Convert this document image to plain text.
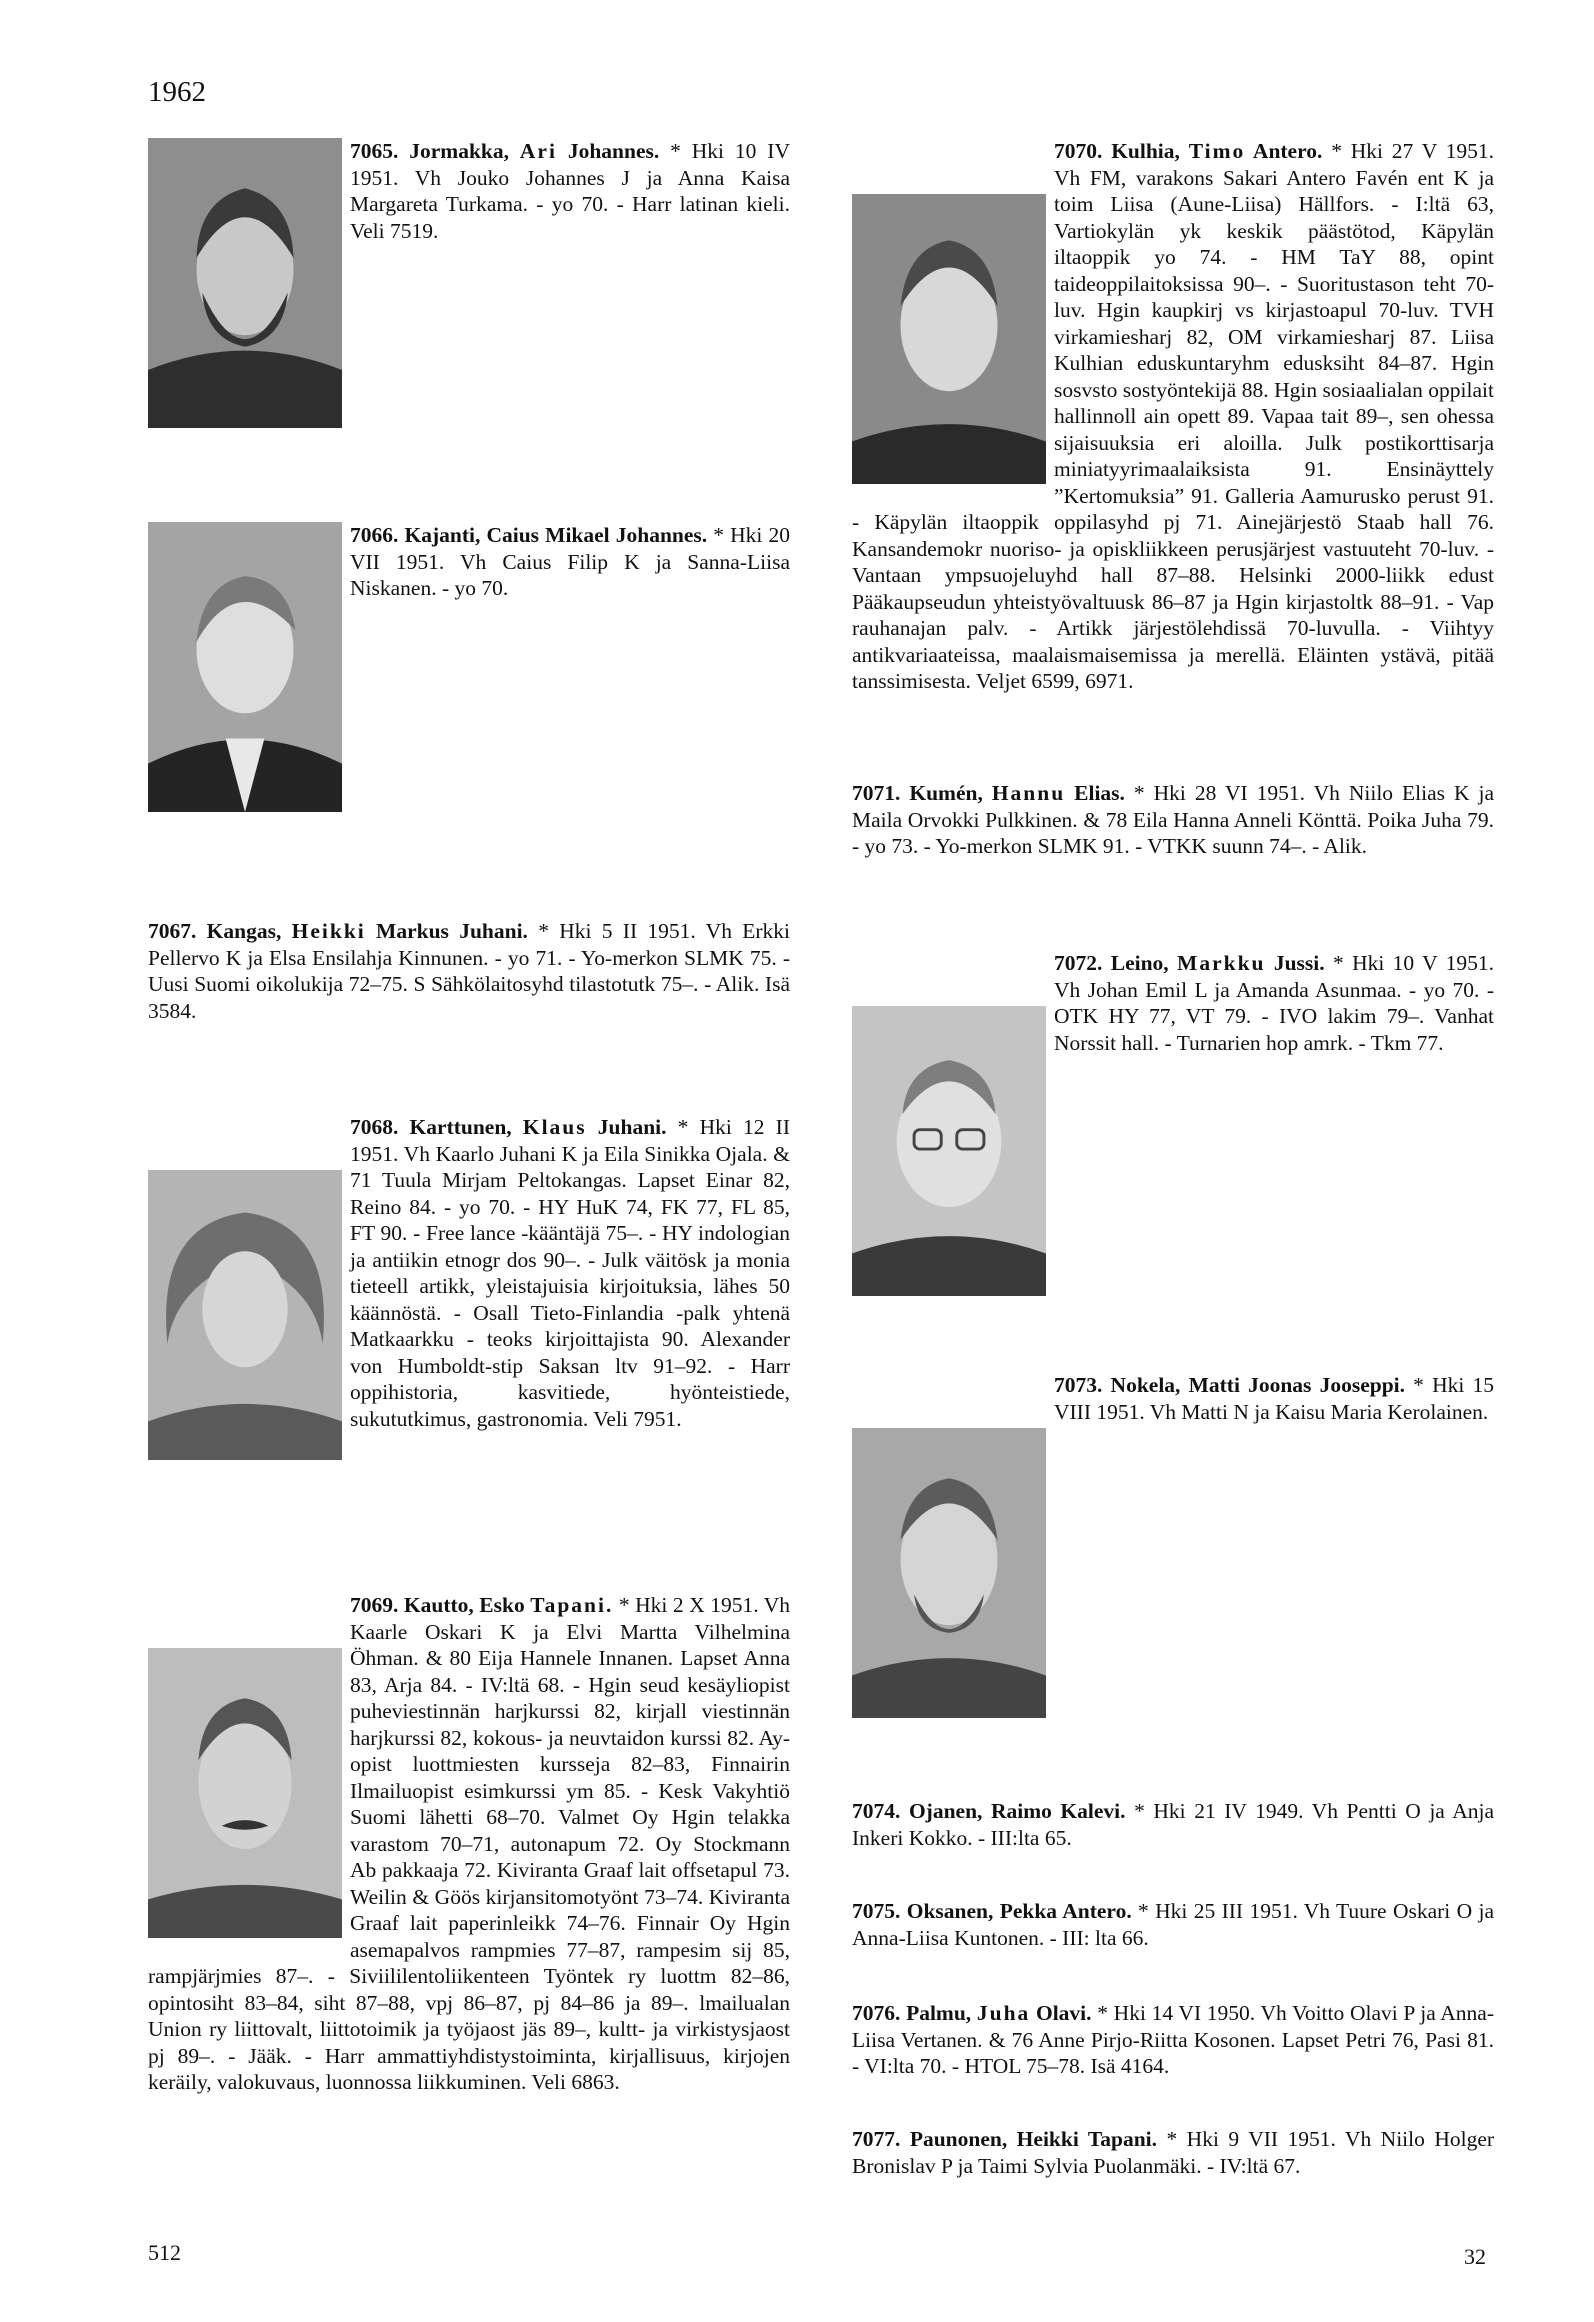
1962
7065. Jormakka, Ari Johannes. * Hki 10 IV 1951. Vh Jouko Johannes J ja Anna Kaisa Margareta Turkama. - yo 70. - Harr latinan kieli. Veli 7519.
7066. Kajanti, Caius Mikael Johannes. * Hki 20 VII 1951. Vh Caius Filip K ja Sanna-Liisa Niskanen. - yo 70.
7067. Kangas, Heikki Markus Juhani. * Hki 5 II 1951. Vh Erkki Pellervo K ja Elsa Ensilahja Kinnunen. - yo 71. - Yo-merkon SLMK 75. - Uusi Suomi oikolukija 72–75. S Sähkölaitosyhd tilastotutk 75–. - Alik. Isä 3584.
7068. Karttunen, Klaus Juhani. * Hki 12 II 1951. Vh Kaarlo Juhani K ja Eila Sinikka Ojala. & 71 Tuula Mirjam Peltokangas. Lapset Einar 82, Reino 84. - yo 70. - HY HuK 74, FK 77, FL 85, FT 90. - Free lance -kääntäjä 75–. - HY indologian ja antiikin etnogr dos 90–. - Julk väitösk ja monia tieteell artikk, yleistajuisia kirjoituksia, lähes 50 käännöstä. - Osall Tieto-Finlandia -palk yhtenä Matkaarkku - teoks kirjoittajista 90. Alexander von Humboldt-stip Saksan ltv 91–92. - Harr oppihistoria, kasvitiede, hyönteistiede, sukututkimus, gastronomia. Veli 7951.
7069. Kautto, Esko Tapani. * Hki 2 X 1951. Vh Kaarle Oskari K ja Elvi Martta Vilhelmina Öhman. & 80 Eija Hannele Innanen. Lapset Anna 83, Arja 84. - IV:ltä 68. - Hgin seud kesäyliopist puheviestinnän harjkurssi 82, kirjall viestinnän harjkurssi 82, kokous- ja neuvtaidon kurssi 82. Ay-opist luottmiesten kursseja 82–83, Finnairin Ilmailuopist esimkurssi ym 85. - Kesk Vakyhtiö Suomi lähetti 68–70. Valmet Oy Hgin telakka varastom 70–71, autonapum 72. Oy Stockmann Ab pakkaaja 72. Kiviranta Graaf lait offsetapul 73. Weilin & Göös kirjansitomotyönt 73–74. Kiviranta Graaf lait paperinleikk 74–76. Finnair Oy Hgin asemapalvos rampmies 77–87, rampesim sij 85, rampjärjmies 87–. - Siviililentoliikenteen Työntek ry luottm 82–86, opintosiht 83–84, siht 87–88, vpj 86–87, pj 84–86 ja 89–. lmailualan Union ry liittovalt, liittotoimik ja työjaost jäs 89–, kultt- ja virkistysjaost pj 89–. - Jääk. - Harr ammattiyhdistystoiminta, kirjallisuus, kirjojen keräily, valokuvaus, luonnossa liikkuminen. Veli 6863.
7070. Kulhia, Timo Antero. * Hki 27 V 1951. Vh FM, varakons Sakari Antero Favén ent K ja toim Liisa (Aune-Liisa) Hällfors. - I:ltä 63, Vartiokylän yk keskik päästötod, Käpylän iltaoppik yo 74. - HM TaY 88, opint taideoppilaitoksissa 90–. - Suoritustason teht 70-luv. Hgin kaupkirj vs kirjastoapul 70-luv. TVH virkamiesharj 82, OM virkamiesharj 87. Liisa Kulhian eduskuntaryhm edusksiht 84–87. Hgin sosvsto sostyöntekijä 88. Hgin sosiaalialan oppilait hallinnoll ain opett 89. Vapaa tait 89–, sen ohessa sijaisuuksia eri aloilla. Julk postikorttisarja miniatyyrimaalaiksista 91. Ensinäyttely ”Kertomuksia” 91. Galleria Aamurusko perust 91. - Käpylän iltaoppik oppilasyhd pj 71. Ainejärjestö Staab hall 76. Kansandemokr nuoriso- ja opiskliikkeen perusjärjest vastuuteht 70-luv. - Vantaan ympsuojeluyhd hall 87–88. Helsinki 2000-liikk edust Pääkaupseudun yhteistyövaltuusk 86–87 ja Hgin kirjastoltk 88–91. - Vap rauhanajan palv. - Artikk järjestölehdissä 70-luvulla. - Viihtyy antikvariaateissa, maalaismaisemissa ja merellä. Eläinten ystävä, pitää tanssimisesta. Veljet 6599, 6971.
7071. Kumén, Hannu Elias. * Hki 28 VI 1951. Vh Niilo Elias K ja Maila Orvokki Pulkkinen. & 78 Eila Hanna Anneli Könttä. Poika Juha 79. - yo 73. - Yo-merkon SLMK 91. - VTKK suunn 74–. - Alik.
7072. Leino, Markku Jussi. * Hki 10 V 1951. Vh Johan Emil L ja Amanda Asunmaa. - yo 70. - OTK HY 77, VT 79. - IVO lakim 79–. Vanhat Norssit hall. - Turnarien hop amrk. - Tkm 77.
7073. Nokela, Matti Joonas Jooseppi. * Hki 15 VIII 1951. Vh Matti N ja Kaisu Maria Kerolainen.
7074. Ojanen, Raimo Kalevi. * Hki 21 IV 1949. Vh Pentti O ja Anja Inkeri Kokko. - III:lta 65.
7075. Oksanen, Pekka Antero. * Hki 25 III 1951. Vh Tuure Oskari O ja Anna-Liisa Kuntonen. - III: lta 66.
7076. Palmu, Juha Olavi. * Hki 14 VI 1950. Vh Voitto Olavi P ja Anna-Liisa Vertanen. & 76 Anne Pirjo-Riitta Kosonen. Lapset Petri 76, Pasi 81. - VI:lta 70. - HTOL 75–78. Isä 4164.
7077. Paunonen, Heikki Tapani. * Hki 9 VII 1951. Vh Niilo Holger Bronislav P ja Taimi Sylvia Puolanmäki. - IV:ltä 67.
512	32
